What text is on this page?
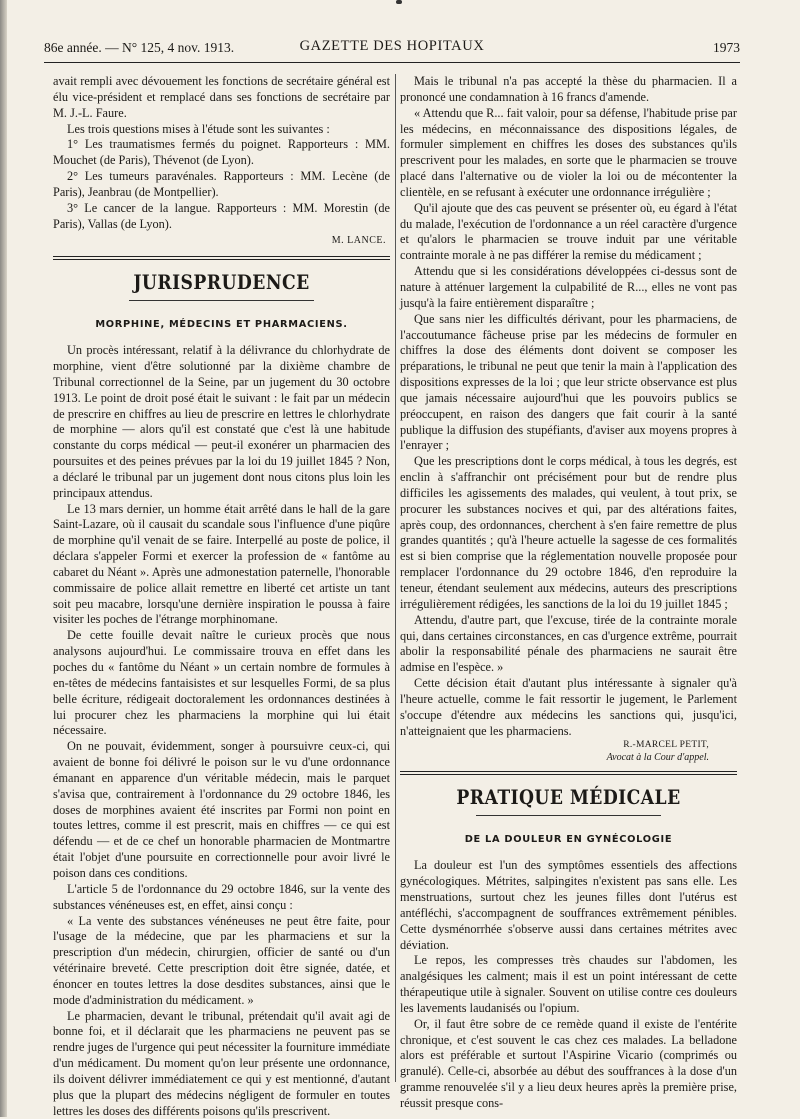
86e année. — N° 125, 4 nov. 1913.	GAZETTE DES HOPITAUX	1973

avait rempli avec dévouement les fonctions de secrétaire général est élu vice-président et remplacé dans ses fonctions de secrétaire par M. J.-L. Faure.

Les trois questions mises à l'étude sont les suivantes :

1° Les traumatismes fermés du poignet. Rapporteurs : MM. Mouchet (de Paris), Thévenot (de Lyon).

2° Les tumeurs paravénales. Rapporteurs : MM. Lecène (de Paris), Jeanbrau (de Montpellier).

3° Le cancer de la langue. Rapporteurs : MM. Morestin (de Paris), Vallas (de Lyon).

M. LANCE.
JURISPRUDENCE
MORPHINE, MÉDECINS ET PHARMACIENS.

Un procès intéressant, relatif à la délivrance du chlorhydrate de morphine, vient d'être solutionné par la dixième chambre de Tribunal correctionnel de la Seine, par un jugement du 30 octobre 1913. Le point de droit posé était le suivant : le fait par un médecin de prescrire en chiffres au lieu de prescrire en lettres le chlorhydrate de morphine — alors qu'il est constaté que c'est là une habitude constante du corps médical — peut-il exonérer un pharmacien des poursuites et des peines prévues par la loi du 19 juillet 1845 ? Non, a déclaré le tribunal par un jugement dont nous citons plus loin les principaux attendus.

Le 13 mars dernier, un homme était arrêté dans le hall de la gare Saint-Lazare, où il causait du scandale sous l'influence d'une piqûre de morphine qu'il venait de se faire. Interpellé au poste de police, il déclara s'appeler Formi et exercer la profession de « fantôme au cabaret du Néant ». Après une admonestation paternelle, l'honorable commissaire de police allait remettre en liberté cet artiste un tant soit peu macabre, lorsqu'une dernière inspiration le poussa à faire visiter les poches de l'étrange morphinomane.

De cette fouille devait naître le curieux procès que nous analysons aujourd'hui. Le commissaire trouva en effet dans les poches du « fantôme du Néant » un certain nombre de formules à en-têtes de médecins fantaisistes et sur lesquelles Formi, de sa plus belle écriture, rédigeait doctoralement les ordonnances destinées à lui procurer chez les pharmaciens la morphine qui lui était nécessaire.

On ne pouvait, évidemment, songer à poursuivre ceux-ci, qui avaient de bonne foi délivré le poison sur le vu d'une ordonnance émanant en apparence d'un véritable médecin, mais le parquet s'avisa que, contrairement à l'ordonnance du 29 octobre 1846, les doses de morphines avaient été inscrites par Formi non point en toutes lettres, comme il est prescrit, mais en chiffres — ce qui est défendu — et de ce chef un honorable pharmacien de Montmartre était l'objet d'une poursuite en correctionnelle pour avoir livré le poison dans ces conditions.

L'article 5 de l'ordonnance du 29 octobre 1846, sur la vente des substances vénéneuses est, en effet, ainsi conçu :

« La vente des substances vénéneuses ne peut être faite, pour l'usage de la médecine, que par les pharmaciens et sur la prescription d'un médecin, chirurgien, officier de santé ou d'un vétérinaire breveté. Cette prescription doit être signée, datée, et énoncer en toutes lettres la dose desdites substances, ainsi que le mode d'administration du médicament. »

Le pharmacien, devant le tribunal, prétendait qu'il avait agi de bonne foi, et il déclarait que les pharmaciens ne peuvent pas se rendre juges de l'urgence qui peut nécessiter la fourniture immédiate d'un médicament. Du moment qu'on leur présente une ordonnance, ils doivent délivrer immédiatement ce qui y est mentionné, d'autant plus que la plupart des médecins négligent de formuler en toutes lettres les doses des différents poisons qu'ils prescrivent.

Mais le tribunal n'a pas accepté la thèse du pharmacien. Il a prononcé une condamnation à 16 francs d'amende.

« Attendu que R... fait valoir, pour sa défense, l'habitude prise par les médecins, en méconnaissance des dispositions légales, de formuler simplement en chiffres les doses des substances qu'ils prescrivent pour les malades, en sorte que le pharmacien se trouve placé dans l'alternative ou de violer la loi ou de mécontenter la clientèle, en se refusant à exécuter une ordonnance irrégulière ;

Qu'il ajoute que des cas peuvent se présenter où, eu égard à l'état du malade, l'exécution de l'ordonnance a un réel caractère d'urgence et qu'alors le pharmacien se trouve induit par une véritable contrainte morale à ne pas différer la remise du médicament ;

Attendu que si les considérations développées ci-dessus sont de nature à atténuer largement la culpabilité de R..., elles ne vont pas jusqu'à la faire entièrement disparaître ;

Que sans nier les difficultés dérivant, pour les pharmaciens, de l'accoutumance fâcheuse prise par les médecins de formuler en chiffres la dose des éléments dont doivent se composer les préparations, le tribunal ne peut que tenir la main à l'application des dispositions expresses de la loi ; que leur stricte observance est plus que jamais nécessaire aujourd'hui que les pouvoirs publics se préoccupent, en raison des dangers que fait courir à la santé publique la diffusion des stupéfiants, d'aviser aux moyens propres à l'enrayer ;

Que les prescriptions dont le corps médical, à tous les degrés, est enclin à s'affranchir ont précisément pour but de rendre plus difficiles les agissements des malades, qui veulent, à tout prix, se procurer les substances nocives et qui, par des altérations faites, après coup, des ordonnances, cherchent à s'en faire remettre de plus grandes quantités ; qu'à l'heure actuelle la sagesse de ces formalités est si bien comprise que la réglementation nouvelle proposée pour remplacer l'ordonnance du 29 octobre 1846, d'en reproduire la teneur, étendant seulement aux médecins, auteurs des prescriptions irrégulièrement rédigées, les sanctions de la loi du 19 juillet 1845 ;

Attendu, d'autre part, que l'excuse, tirée de la contrainte morale qui, dans certaines circonstances, en cas d'urgence extrême, pourrait abolir la responsabilité pénale des pharmaciens ne saurait être admise en l'espèce. »

Cette décision était d'autant plus intéressante à signaler qu'à l'heure actuelle, comme le fait ressortir le jugement, le Parlement s'occupe d'étendre aux médecins les sanctions qui, jusqu'ici, n'atteignaient que les pharmaciens.

R.-MARCEL PETIT,
Avocat à la Cour d'appel.
PRATIQUE MÉDICALE
DE LA DOULEUR EN GYNÉCOLOGIE

La douleur est l'un des symptômes essentiels des affections gynécologiques. Métrites, salpingites n'existent pas sans elle. Les menstruations, surtout chez les jeunes filles dont l'utérus est antéfléchi, s'accompagnent de souffrances extrêmement pénibles. Cette dysménorrhée s'observe aussi dans certaines métrites avec déviation.

Le repos, les compresses très chaudes sur l'abdomen, les analgésiques les calment; mais il est un point intéressant de cette thérapeutique utile à signaler. Souvent on utilise contre ces douleurs les lavements laudanisés ou l'opium.

Or, il faut être sobre de ce remède quand il existe de l'entérite chronique, et c'est souvent le cas chez ces malades. La belladone alors est préférable et surtout l'Aspirine Vicario (comprimés ou granulé). Celle-ci, absorbée au début des souffrances à la dose d'un gramme renouvelée s'il y a lieu deux heures après la première prise, réussit presque cons-
